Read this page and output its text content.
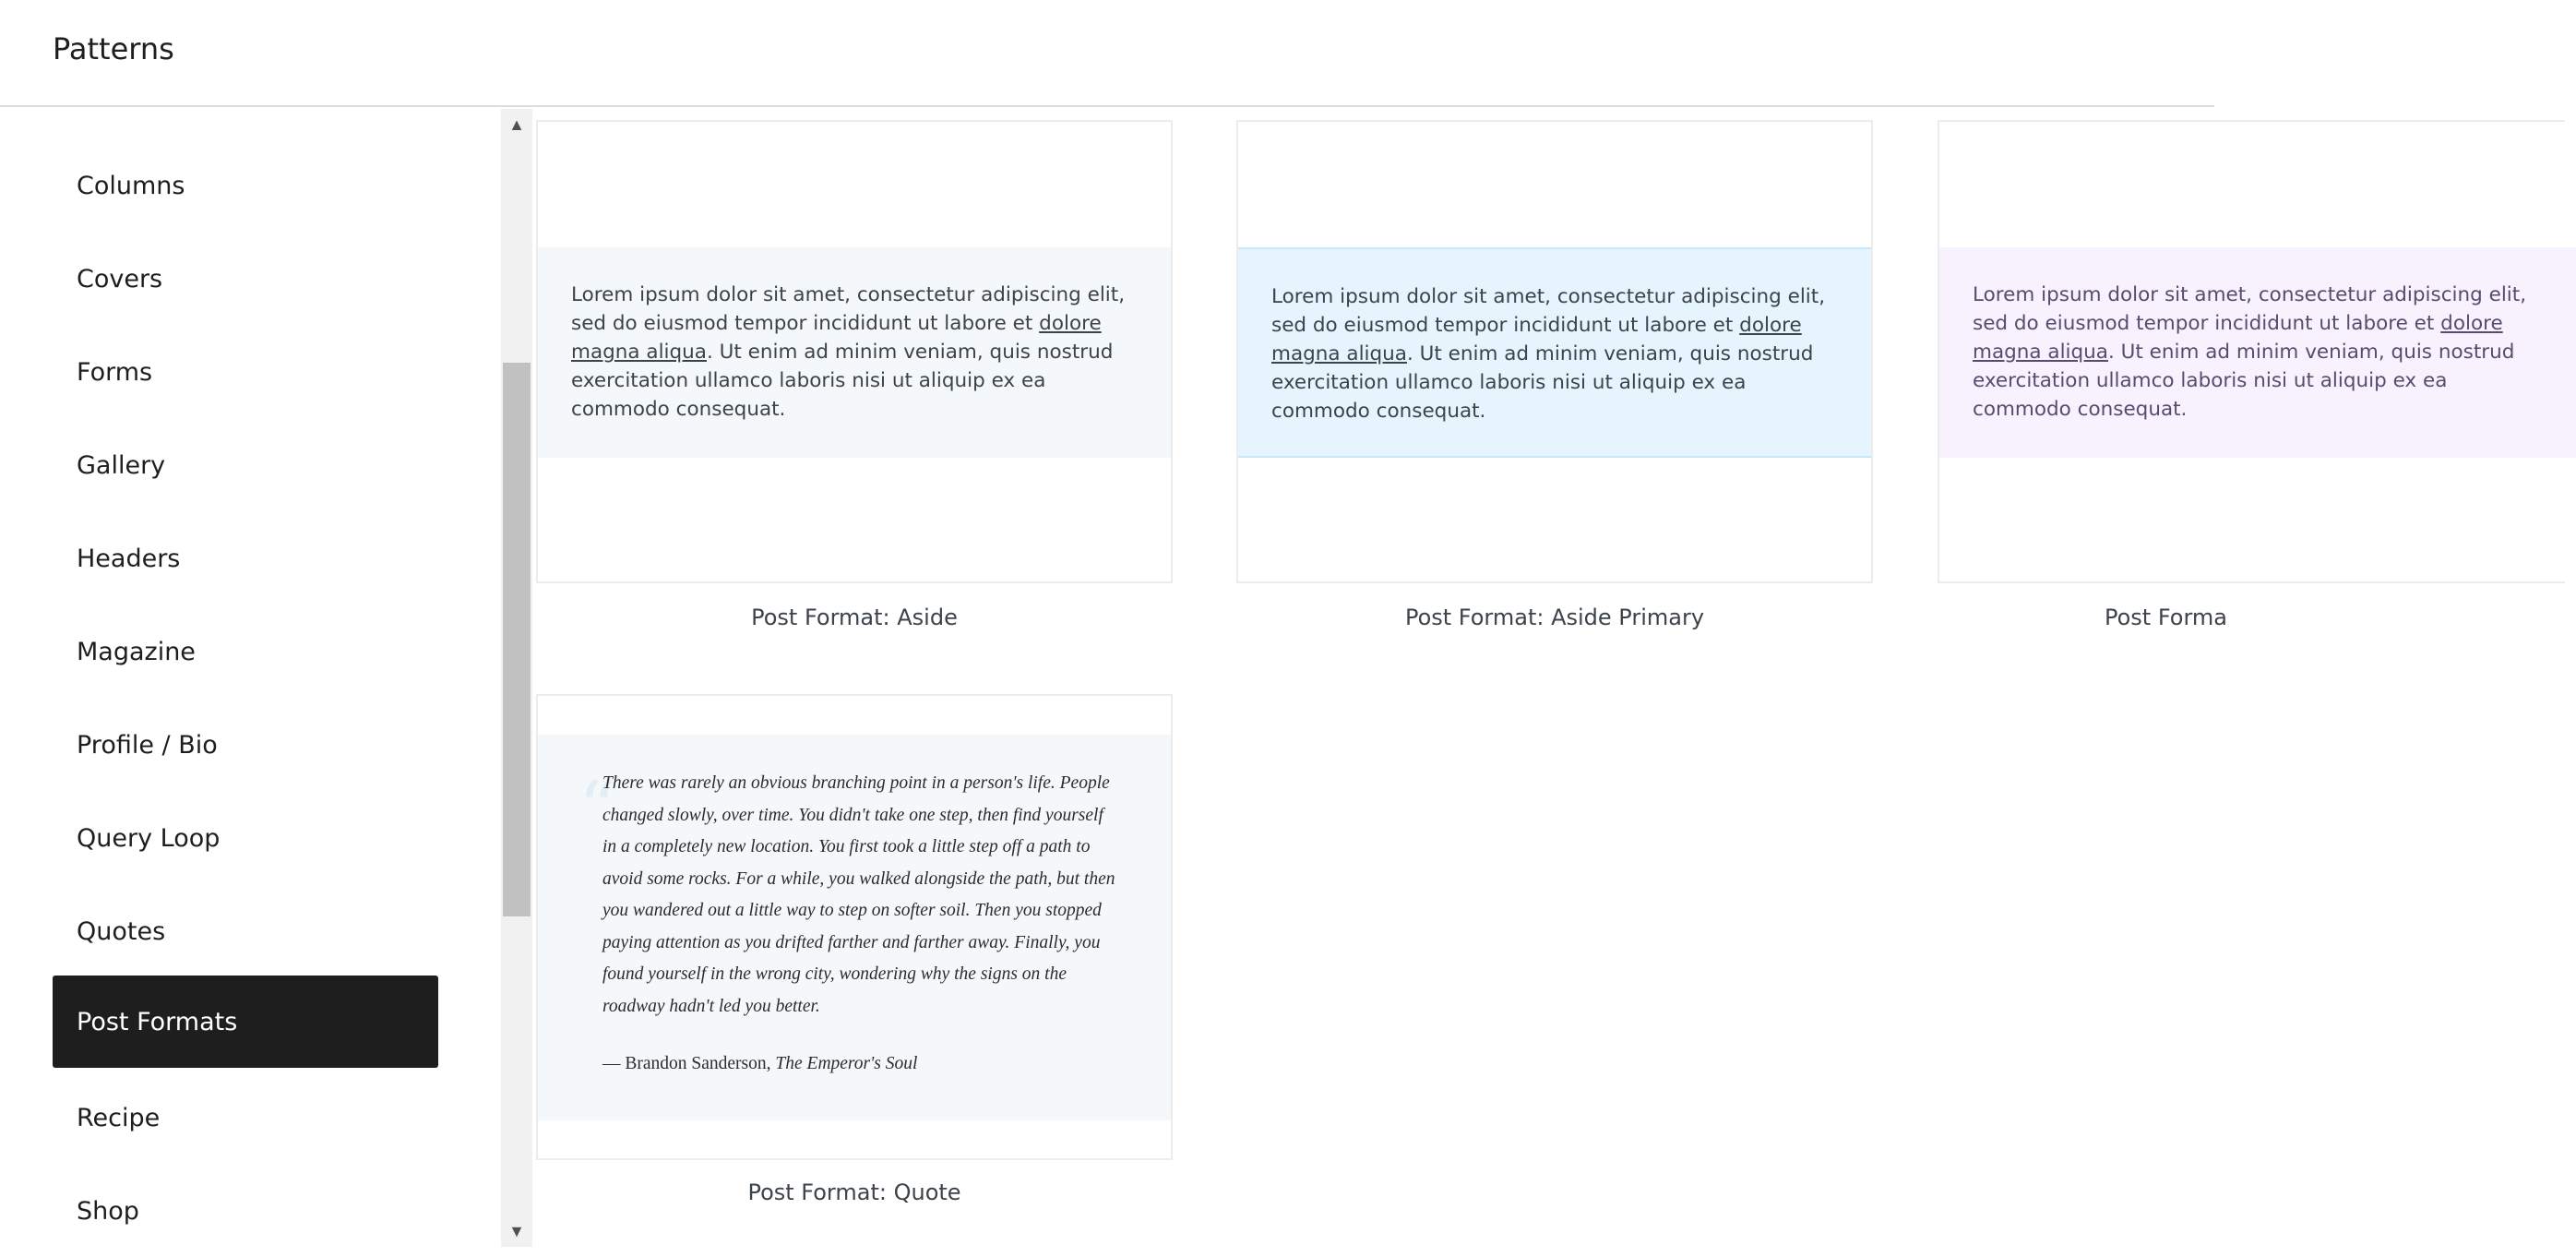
Patterns
Columns
Covers
Forms
Gallery
Headers
Magazine
Profile / Bio
Query Loop
Quotes
Post Formats
Recipe
Shop
▲
▼
Lorem ipsum dolor sit amet, consectetur adipiscing elit, sed do eiusmod tempor incididunt ut labore et dolore magna aliqua. Ut enim ad minim veniam, quis nostrud exercitation ullamco laboris nisi ut aliquip ex ea commodo consequat.
Post Format: Aside
Lorem ipsum dolor sit amet, consectetur adipiscing elit, sed do eiusmod tempor incididunt ut labore et dolore magna aliqua. Ut enim ad minim veniam, quis nostrud exercitation ullamco laboris nisi ut aliquip ex ea commodo consequat.
Post Format: Aside Primary
Lorem ipsum dolor sit amet, consectetur adipiscing elit, sed do eiusmod tempor incididunt ut labore et dolore magna aliqua. Ut enim ad minim veniam, quis nostrud exercitation ullamco laboris nisi ut aliquip ex ea commodo consequat.
Post Forma
“
There was rarely an obvious branching point in a person's life. People changed slowly, over time. You didn't take one step, then find yourself in a completely new location. You first took a little step off a path to avoid some rocks. For a while, you walked alongside the path, but then you wandered out a little way to step on softer soil. Then you stopped paying attention as you drifted farther and farther away. Finally, you found yourself in the wrong city, wondering why the signs on the roadway hadn't led you better.
— Brandon Sanderson, The Emperor's Soul
Post Format: Quote
